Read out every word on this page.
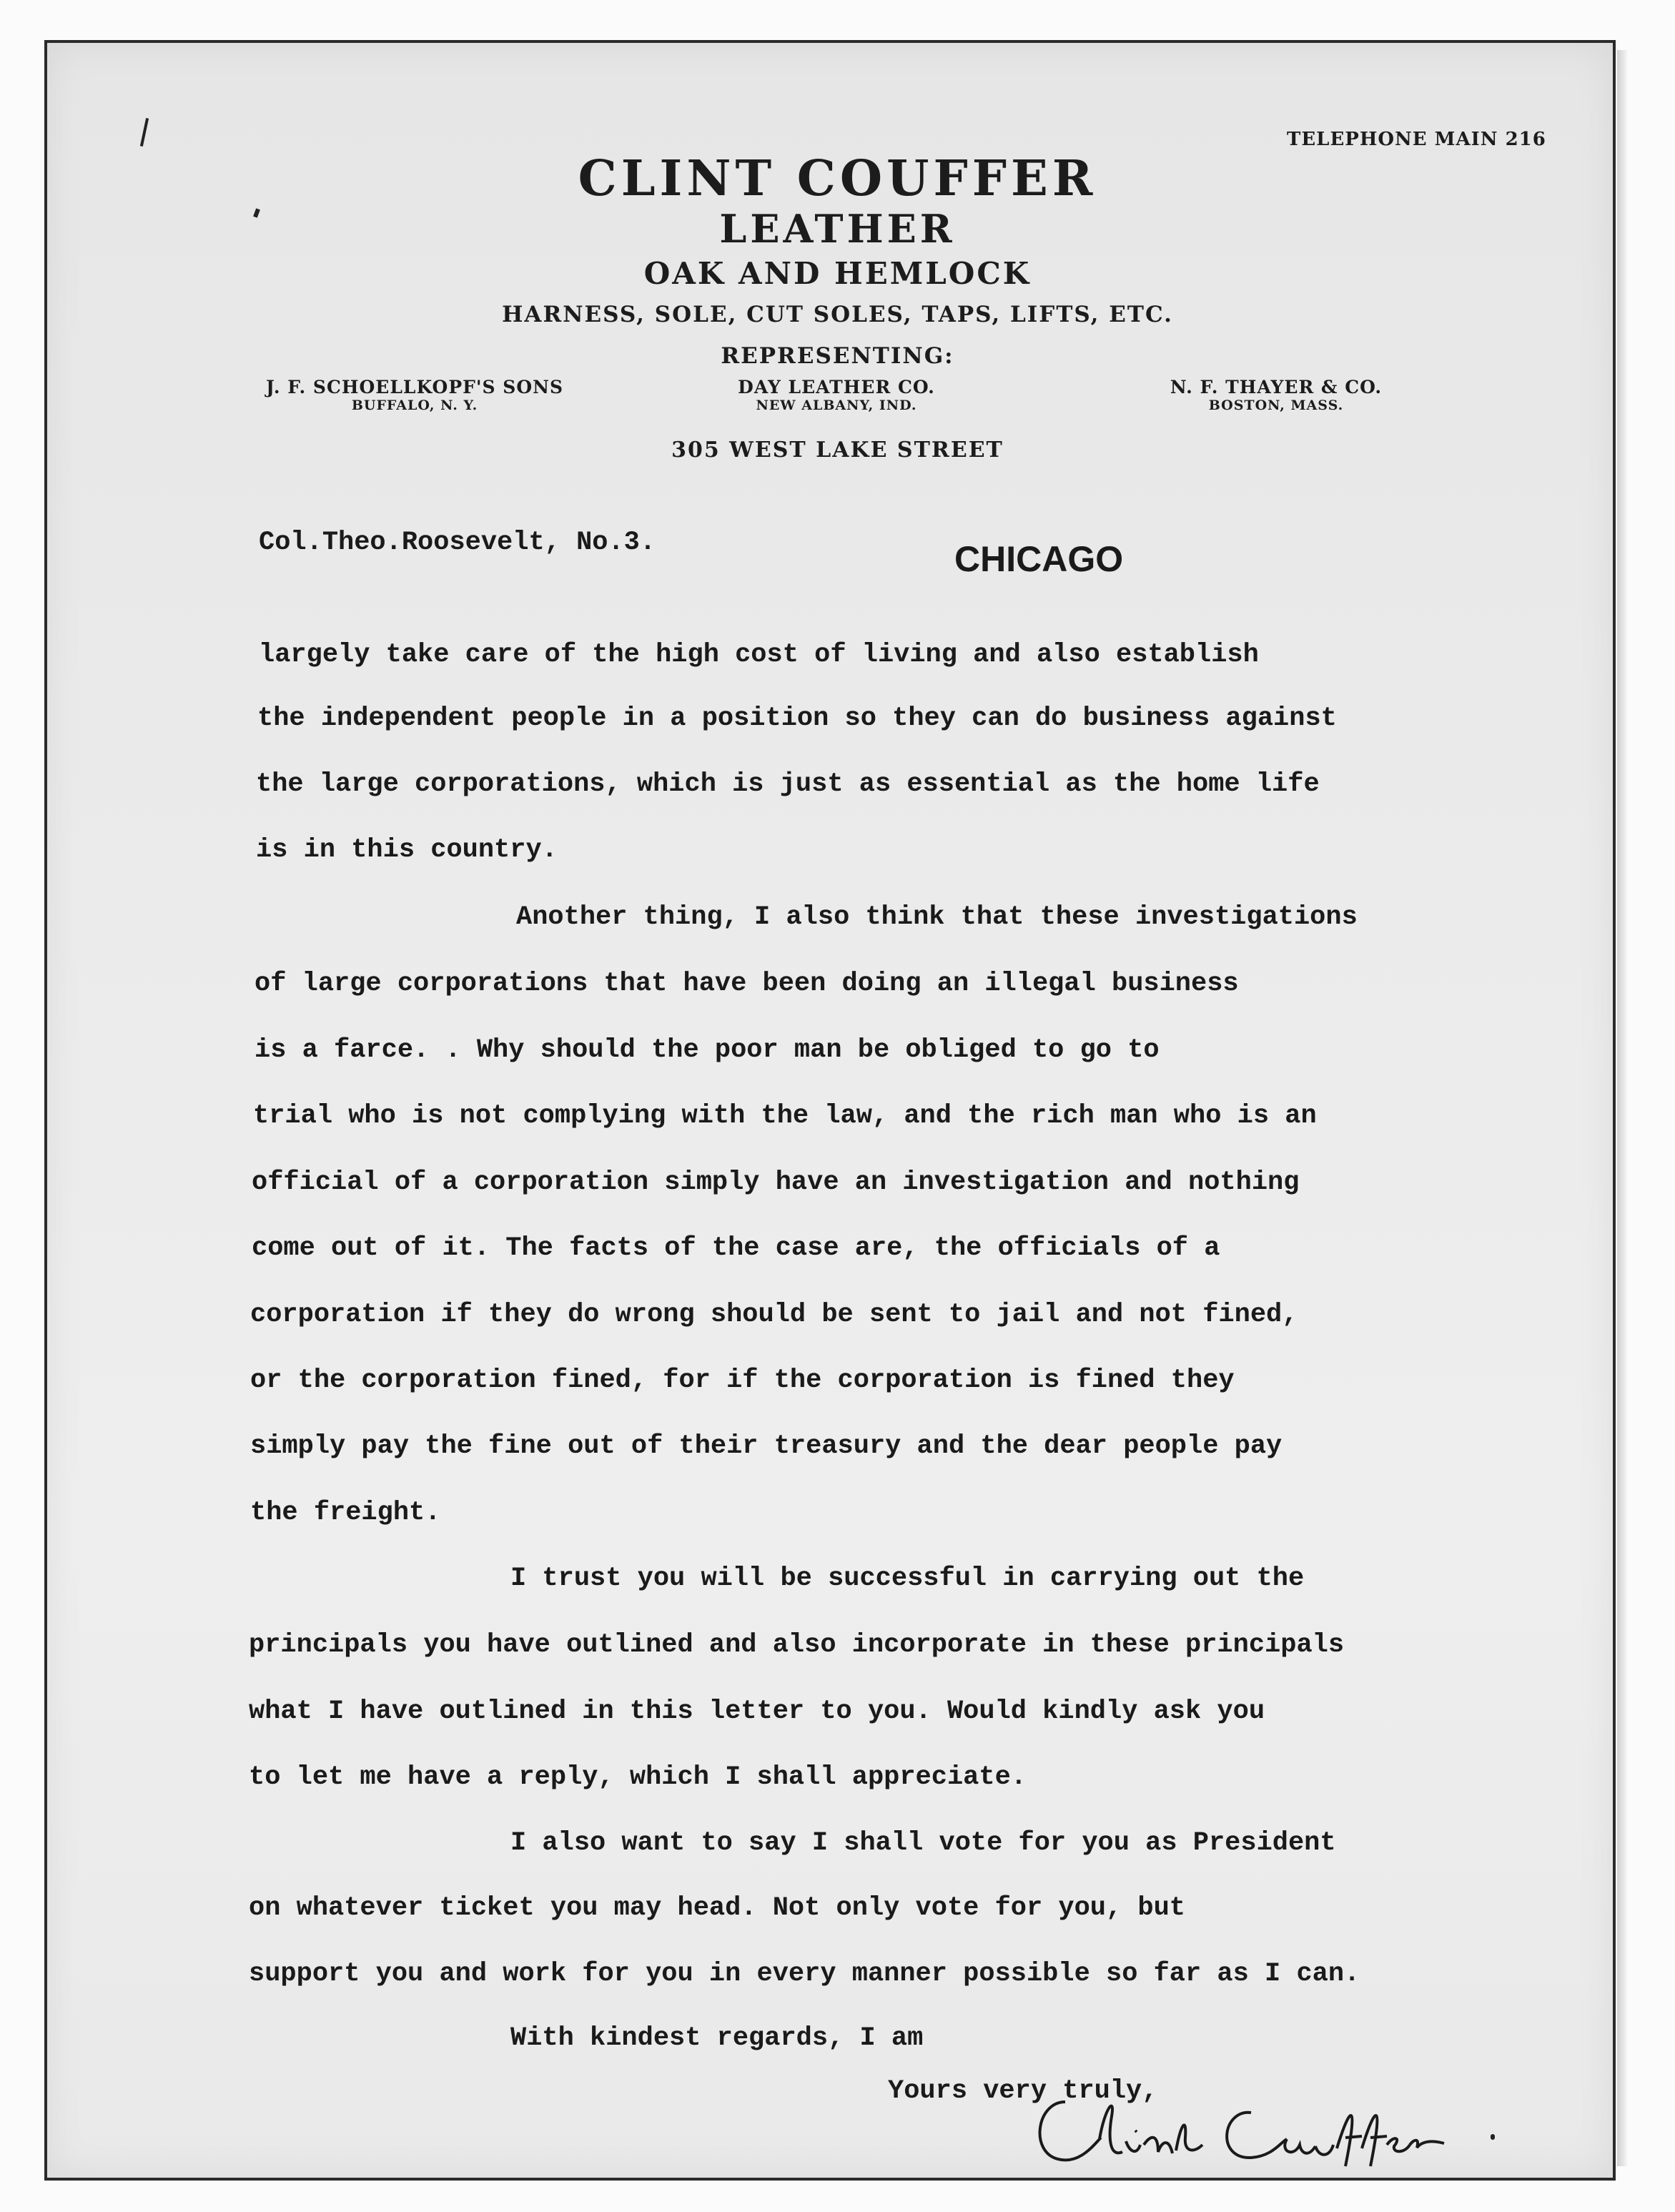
TELEPHONE MAIN 216
CLINT COUFFER
LEATHER
OAK AND HEMLOCK
HARNESS, SOLE, CUT SOLES, TAPS, LIFTS, ETC.
REPRESENTING:
J. F. SCHOELLKOPF'S SONS
BUFFALO, N. Y.
DAY LEATHER CO.
NEW ALBANY, IND.
N. F. THAYER & CO.
BOSTON, MASS.
305 WEST LAKE STREET
CHICAGO
Col.Theo.Roosevelt, No.3.
largely take care of the high cost of living and also establish
the independent people in a position so they can do business against
the large corporations, which is just as essential as the home life
is in this country.
Another thing, I also think that these investigations
of large corporations that have been doing an illegal business
is a farce. . Why should the poor man be obliged to go to
trial who is not complying with the law, and the rich man who is an
official of a corporation simply have an investigation and nothing
come out of it. The facts of the case are, the officials of a
corporation if they do wrong should be sent to jail and not fined,
or the corporation fined, for if the corporation is fined they
simply pay the fine out of their treasury and the dear people pay
the freight.
I trust you will be successful in carrying out the
principals you have outlined and also incorporate in these principals
what I have outlined in this letter to you. Would kindly ask you
to let me have a reply, which I shall appreciate.
I also want to say I shall vote for you as President
on whatever ticket you may head. Not only vote for you, but
support you and work for you in every manner possible so far as I can.
With kindest regards, I am
Yours very truly,
